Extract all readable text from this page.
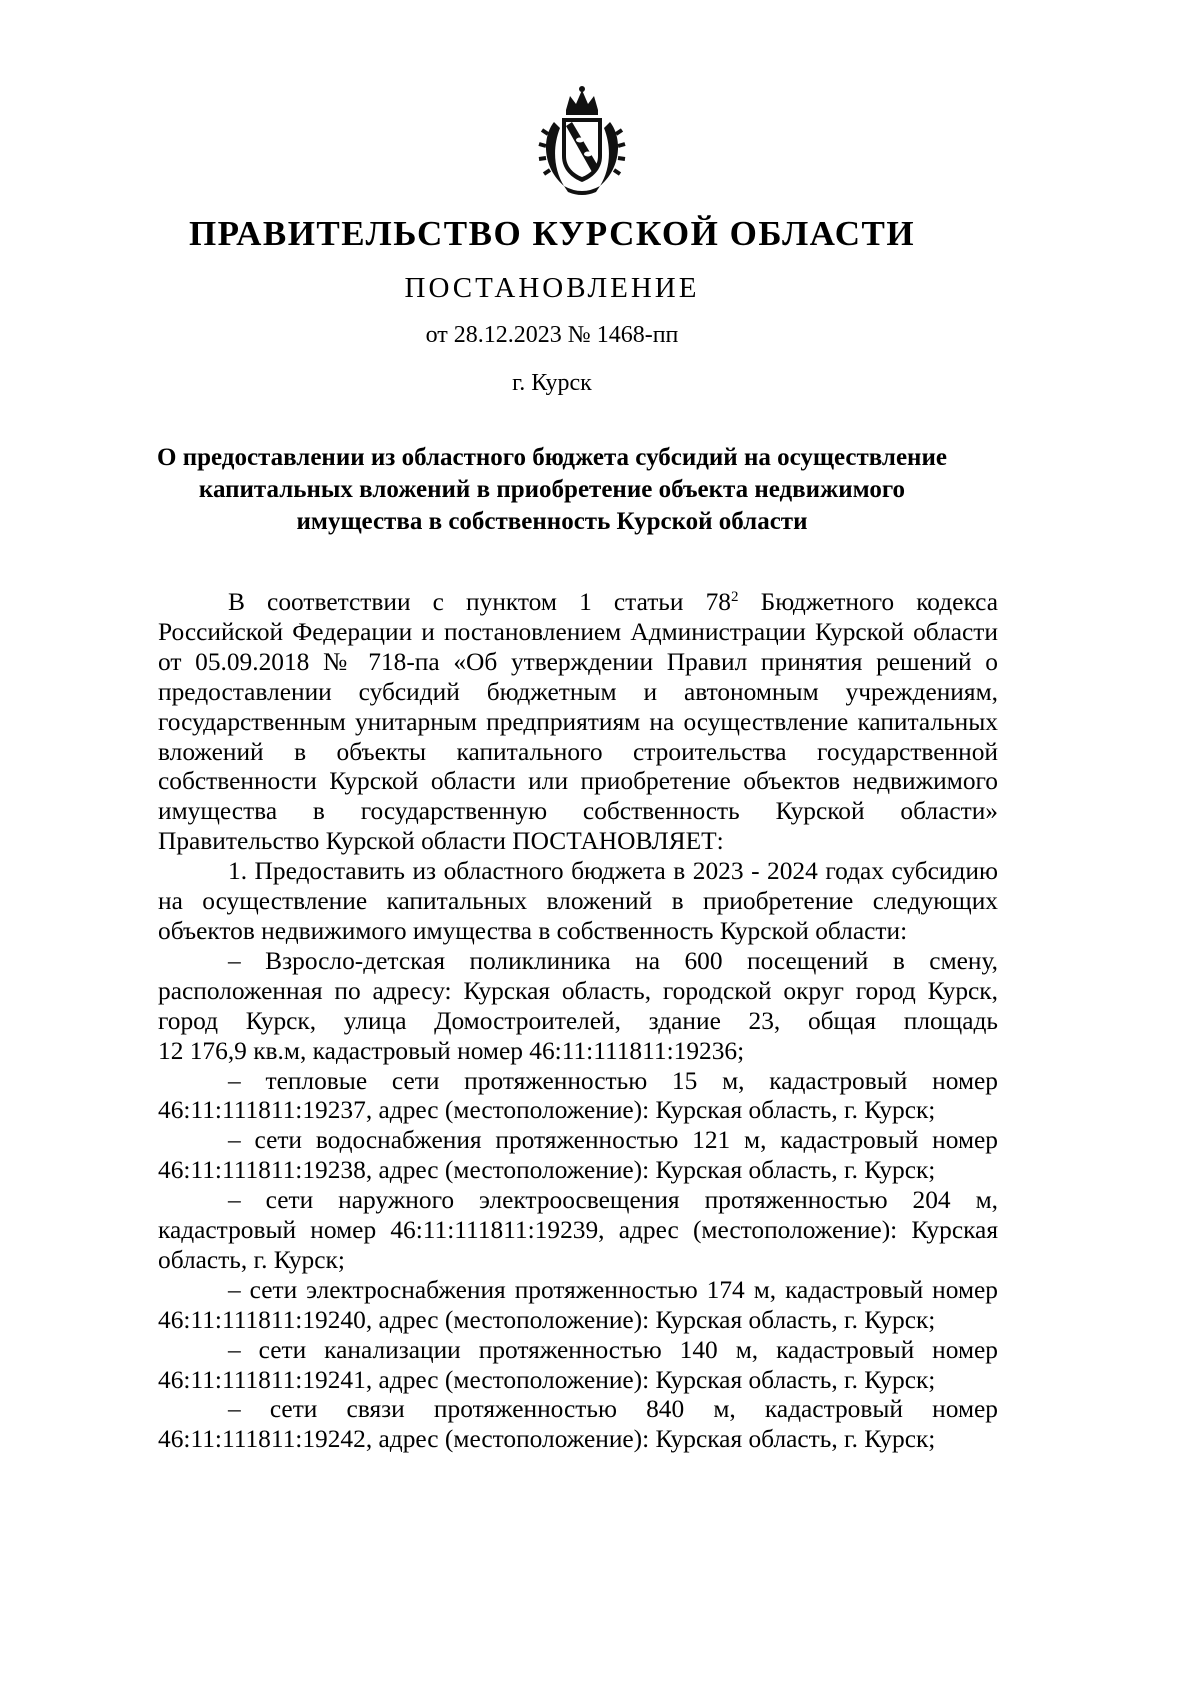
ПРАВИТЕЛЬСТВО КУРСКОЙ ОБЛАСТИ
ПОСТАНОВЛЕНИЕ
от 28.12.2023 № 1468-пп
г. Курск
О предоставлении из областного бюджета субсидий на осуществление
капитальных вложений в приобретение объекта недвижимого
имущества в собственность Курской области
В соответствии с пунктом 1 статьи $78^2$ Бюджетного кодекса
Российской Федерации и постановлением Администрации Курской области
от 05.09.2018 № 718-па «Об утверждении Правил принятия решений о
предоставлении субсидий бюджетным и автономным учреждениям,
государственным унитарным предприятиям на осуществление капитальных
вложений в объекты капитального строительства государственной
собственности Курской области или приобретение объектов недвижимого
имущества в государственную собственность Курской области»
Правительство Курской области ПОСТАНОВЛЯЕТ:
1. Предоставить из областного бюджета в 2023 - 2024 годах субсидию
на осуществление капитальных вложений в приобретение следующих
объектов недвижимого имущества в собственность Курской области:
– Взросло-детская поликлиника на 600 посещений в смену,
расположенная по адресу: Курская область, городской округ город Курск,
город Курск, улица Домостроителей, здание 23, общая площадь
12 176,9 кв.м, кадастровый номер 46:11:111811:19236;
– тепловые сети протяженностью 15 м, кадастровый номер
46:11:111811:19237, адрес (местоположение): Курская область, г. Курск;
– сети водоснабжения протяженностью 121 м, кадастровый номер
46:11:111811:19238, адрес (местоположение): Курская область, г. Курск;
– сети наружного электроосвещения протяженностью 204 м,
кадастровый номер 46:11:111811:19239, адрес (местоположение): Курская
область, г. Курск;
– сети электроснабжения протяженностью 174 м, кадастровый номер
46:11:111811:19240, адрес (местоположение): Курская область, г. Курск;
– сети канализации протяженностью 140 м, кадастровый номер
46:11:111811:19241, адрес (местоположение): Курская область, г. Курск;
– сети связи протяженностью 840 м, кадастровый номер
46:11:111811:19242, адрес (местоположение): Курская область, г. Курск;
